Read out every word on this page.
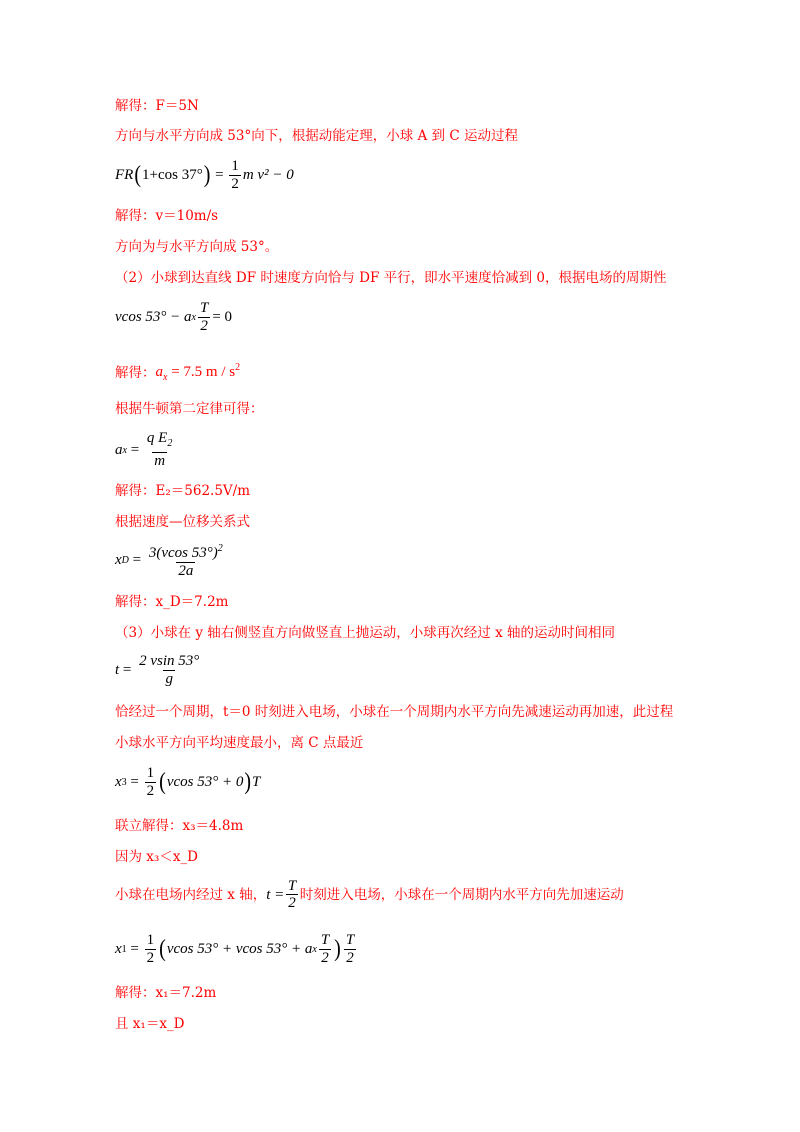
解得：F＝5N
方向与水平方向成 53°向下，根据动能定理，小球 A 到 C 运动过程
FR ( 1+cos 37° ) = $\frac{1}{2}$ m v² − 0
解得：v＝10m/s
方向为与水平方向成 53°。
（2）小球到达直线 DF 时速度方向恰与 DF 平行，即水平速度恰减到 0，根据电场的周期性
vcos 53° − a x $\frac{T}{2} = 0$
解得： $a_x = 7.5$ m / $s^2$
根据牛顿第二定律可得：
a $x = \frac{q E_2}{m}$
解得：E₂＝562.5V/m
根据速度—位移关系式
x $D = \frac{3(vcos 53^\circ)^2}{2a}$
解得：x_D＝7.2m
（3）小球在 y 轴右侧竖直方向做竖直上抛运动，小球再次经过 x 轴的运动时间相同
$t = \frac{2 vsin 53^\circ}{g}$
恰经过一个周期，t＝0 时刻进入电场，小球在一个周期内水平方向先减速运动再加速，此过程
小球水平方向平均速度最小，离 C 点最近
x $3 = \frac{1}{2}$ ( vcos 53° + 0 ) T
联立解得：x₃＝4.8m
因为 x₃＜x_D
小球在电场内经过 x 轴， $t = \frac{T}{2}$ 时刻进入电场，小球在一个周期内水平方向先加速运动
x $1 = \frac{1}{2}$ ( vcos 53° + vcos 53° + a x $\frac{T}{2}$ ) $\frac{T}{2}$
解得：x₁＝7.2m
且 x₁＝x_D
